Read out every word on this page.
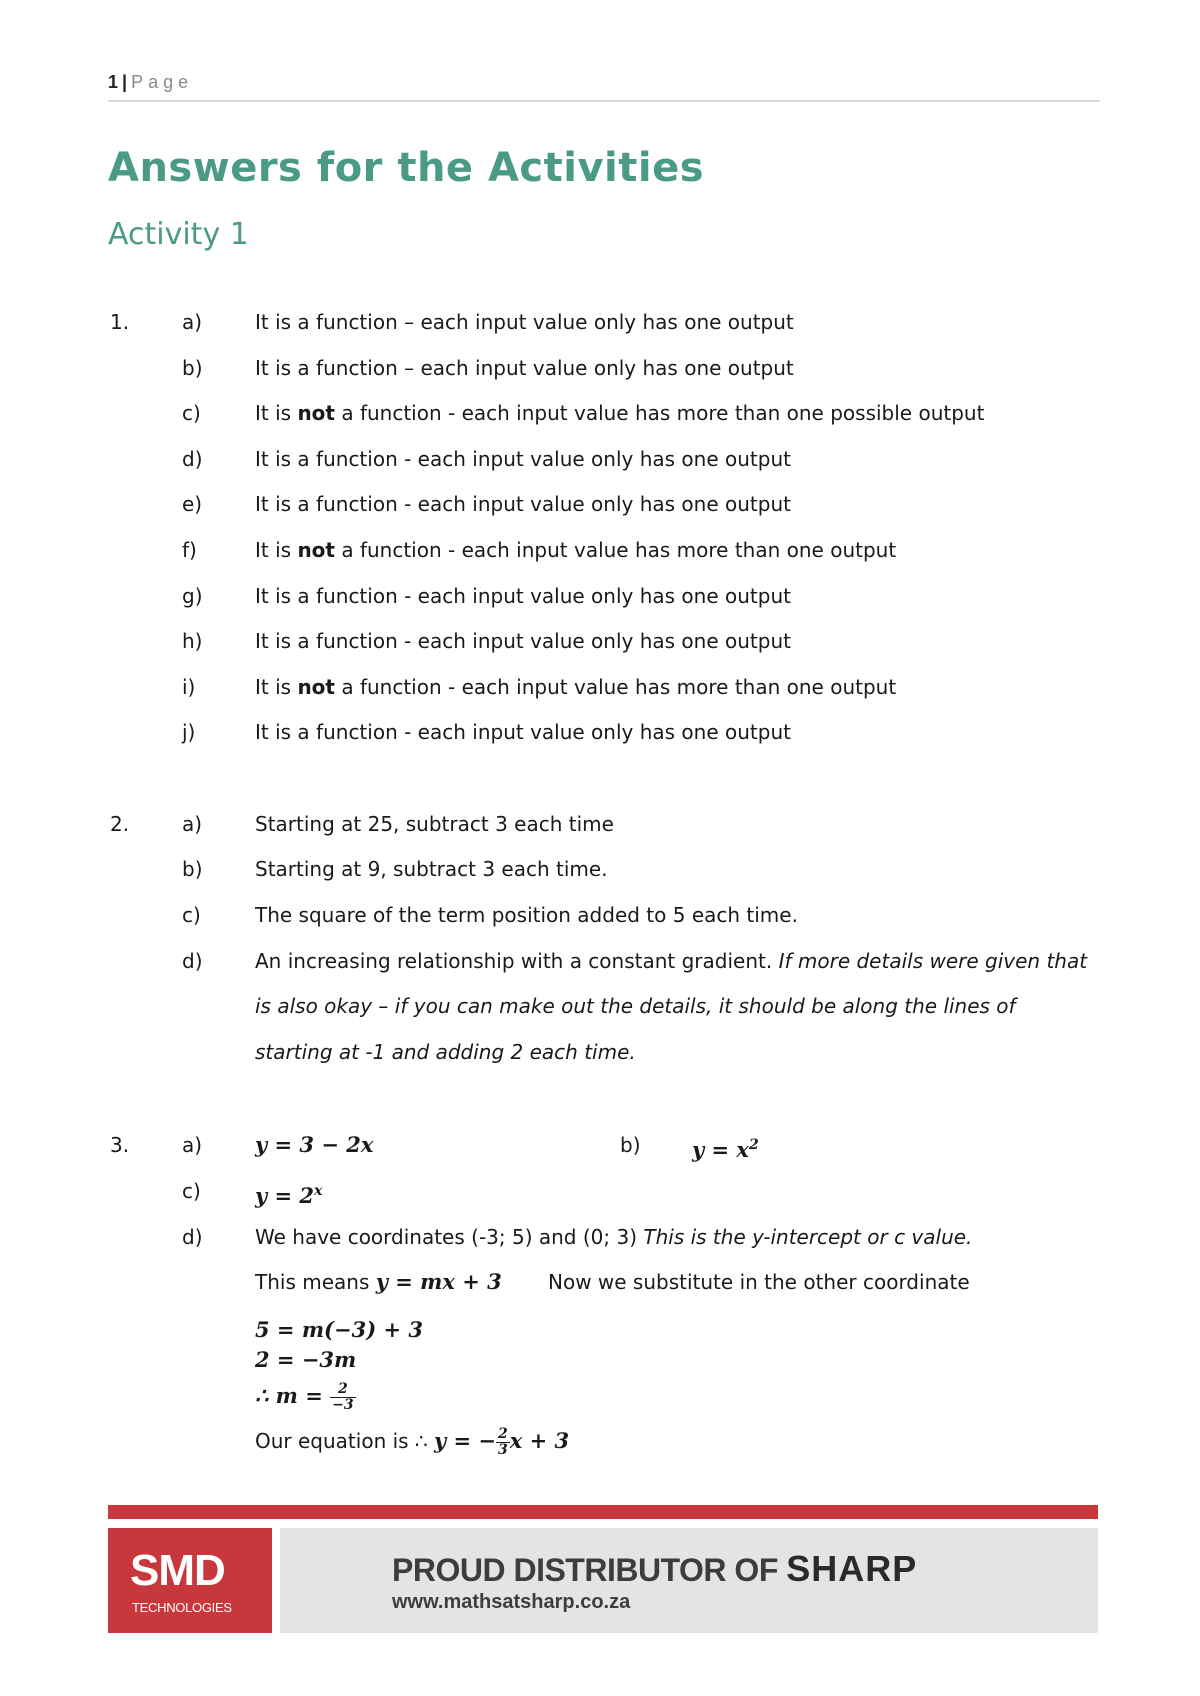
1 | Page
Answers for the Activities
Activity 1
1.	a)	It is a function – each input value only has one output
b)	It is a function – each input value only has one output
c)	It is not a function - each input value has more than one possible output
d)	It is a function - each input value only has one output
e)	It is a function - each input value only has one output
f)	It is not a function - each input value has more than one output
g)	It is a function - each input value only has one output
h)	It is a function - each input value only has one output
i)	It is not a function - each input value has more than one output
j)	It is a function - each input value only has one output
2.	a)	Starting at 25, subtract 3 each time
b)	Starting at 9, subtract 3 each time.
c)	The square of the term position added to 5 each time.
d)	An increasing relationship with a constant gradient. If more details were given that
is also okay – if you can make out the details, it should be along the lines of
starting at -1 and adding 2 each time.
3.	a)	y = 3 − 2x	b) $y = x^2$
c)	$y = 2^x$
d)	We have coordinates (-3; 5) and (0; 3) This is the y-intercept or c value.
This means y = mx + 3 Now we substitute in the other coordinate
5 = m(−3) + 3
2 = −3m
∴ $m = \frac{2}{-3}$
Our equation is ∴ y = − $\frac{2}{3}$ x + 3
SMD
TECHNOLOGIES
PROUD DISTRIBUTOR OF SHARP
www.mathsatsharp.co.za
